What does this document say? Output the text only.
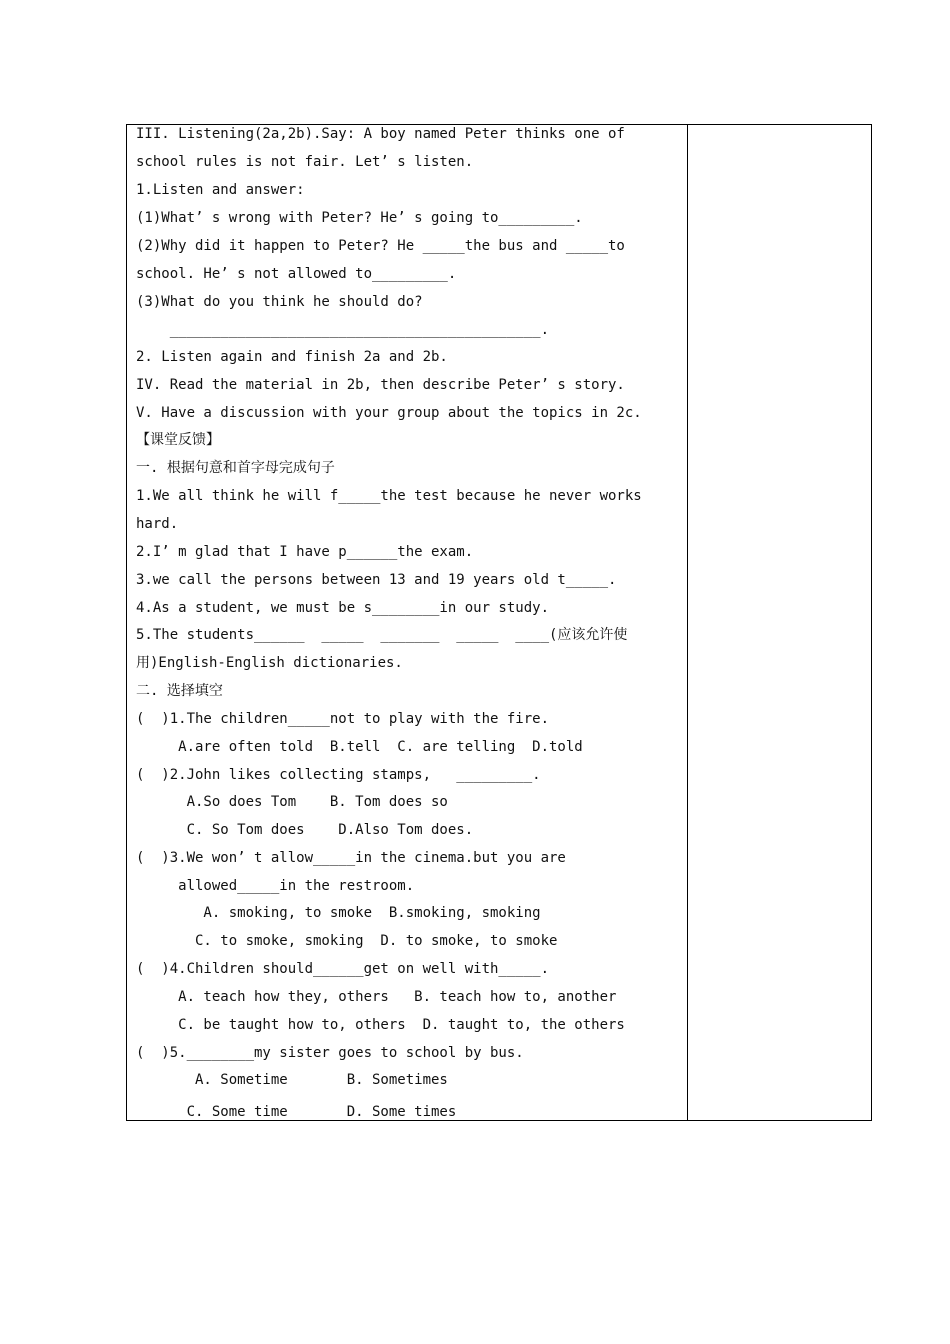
III. Listening(2a,2b).Say: A boy named Peter thinks one of
school rules is not fair. Let’ s listen.
1.Listen and answer:
(1)What’ s wrong with Peter? He’ s going to_________.
(2)Why did it happen to Peter? He _____the bus and _____to
school. He’ s not allowed to_________.
(3)What do you think he should do?
____________________________________________.
2. Listen again and finish 2a and 2b.
IV. Read the material in 2b, then describe Peter’ s story.
V. Have a discussion with your group about the topics in 2c.
【课堂反馈】
一. 根据句意和首字母完成句子
1.We all think he will f_____the test because he never works
hard.
2.I’ m glad that I have p______the exam.
3.we call the persons between 13 and 19 years old t_____.
4.As a student, we must be s________in our study.
5.The students______  _____  _______  _____  ____(应该允许使
用)English-English dictionaries.
二. 选择填空
(  )1.The children_____not to play with the fire.
A.are often told  B.tell  C. are telling  D.told
(  )2.John likes collecting stamps,   _________.
A.So does Tom    B. Tom does so
C. So Tom does    D.Also Tom does.
(  )3.We won’ t allow_____in the cinema.but you are
allowed_____in the restroom.
A. smoking, to smoke  B.smoking, smoking
C. to smoke, smoking  D. to smoke, to smoke
(  )4.Children should______get on well with_____.
A. teach how they, others   B. teach how to, another
C. be taught how to, others  D. taught to, the others
(  )5.________my sister goes to school by bus.
A. Sometime       B. Sometimes
C. Some time       D. Some times
